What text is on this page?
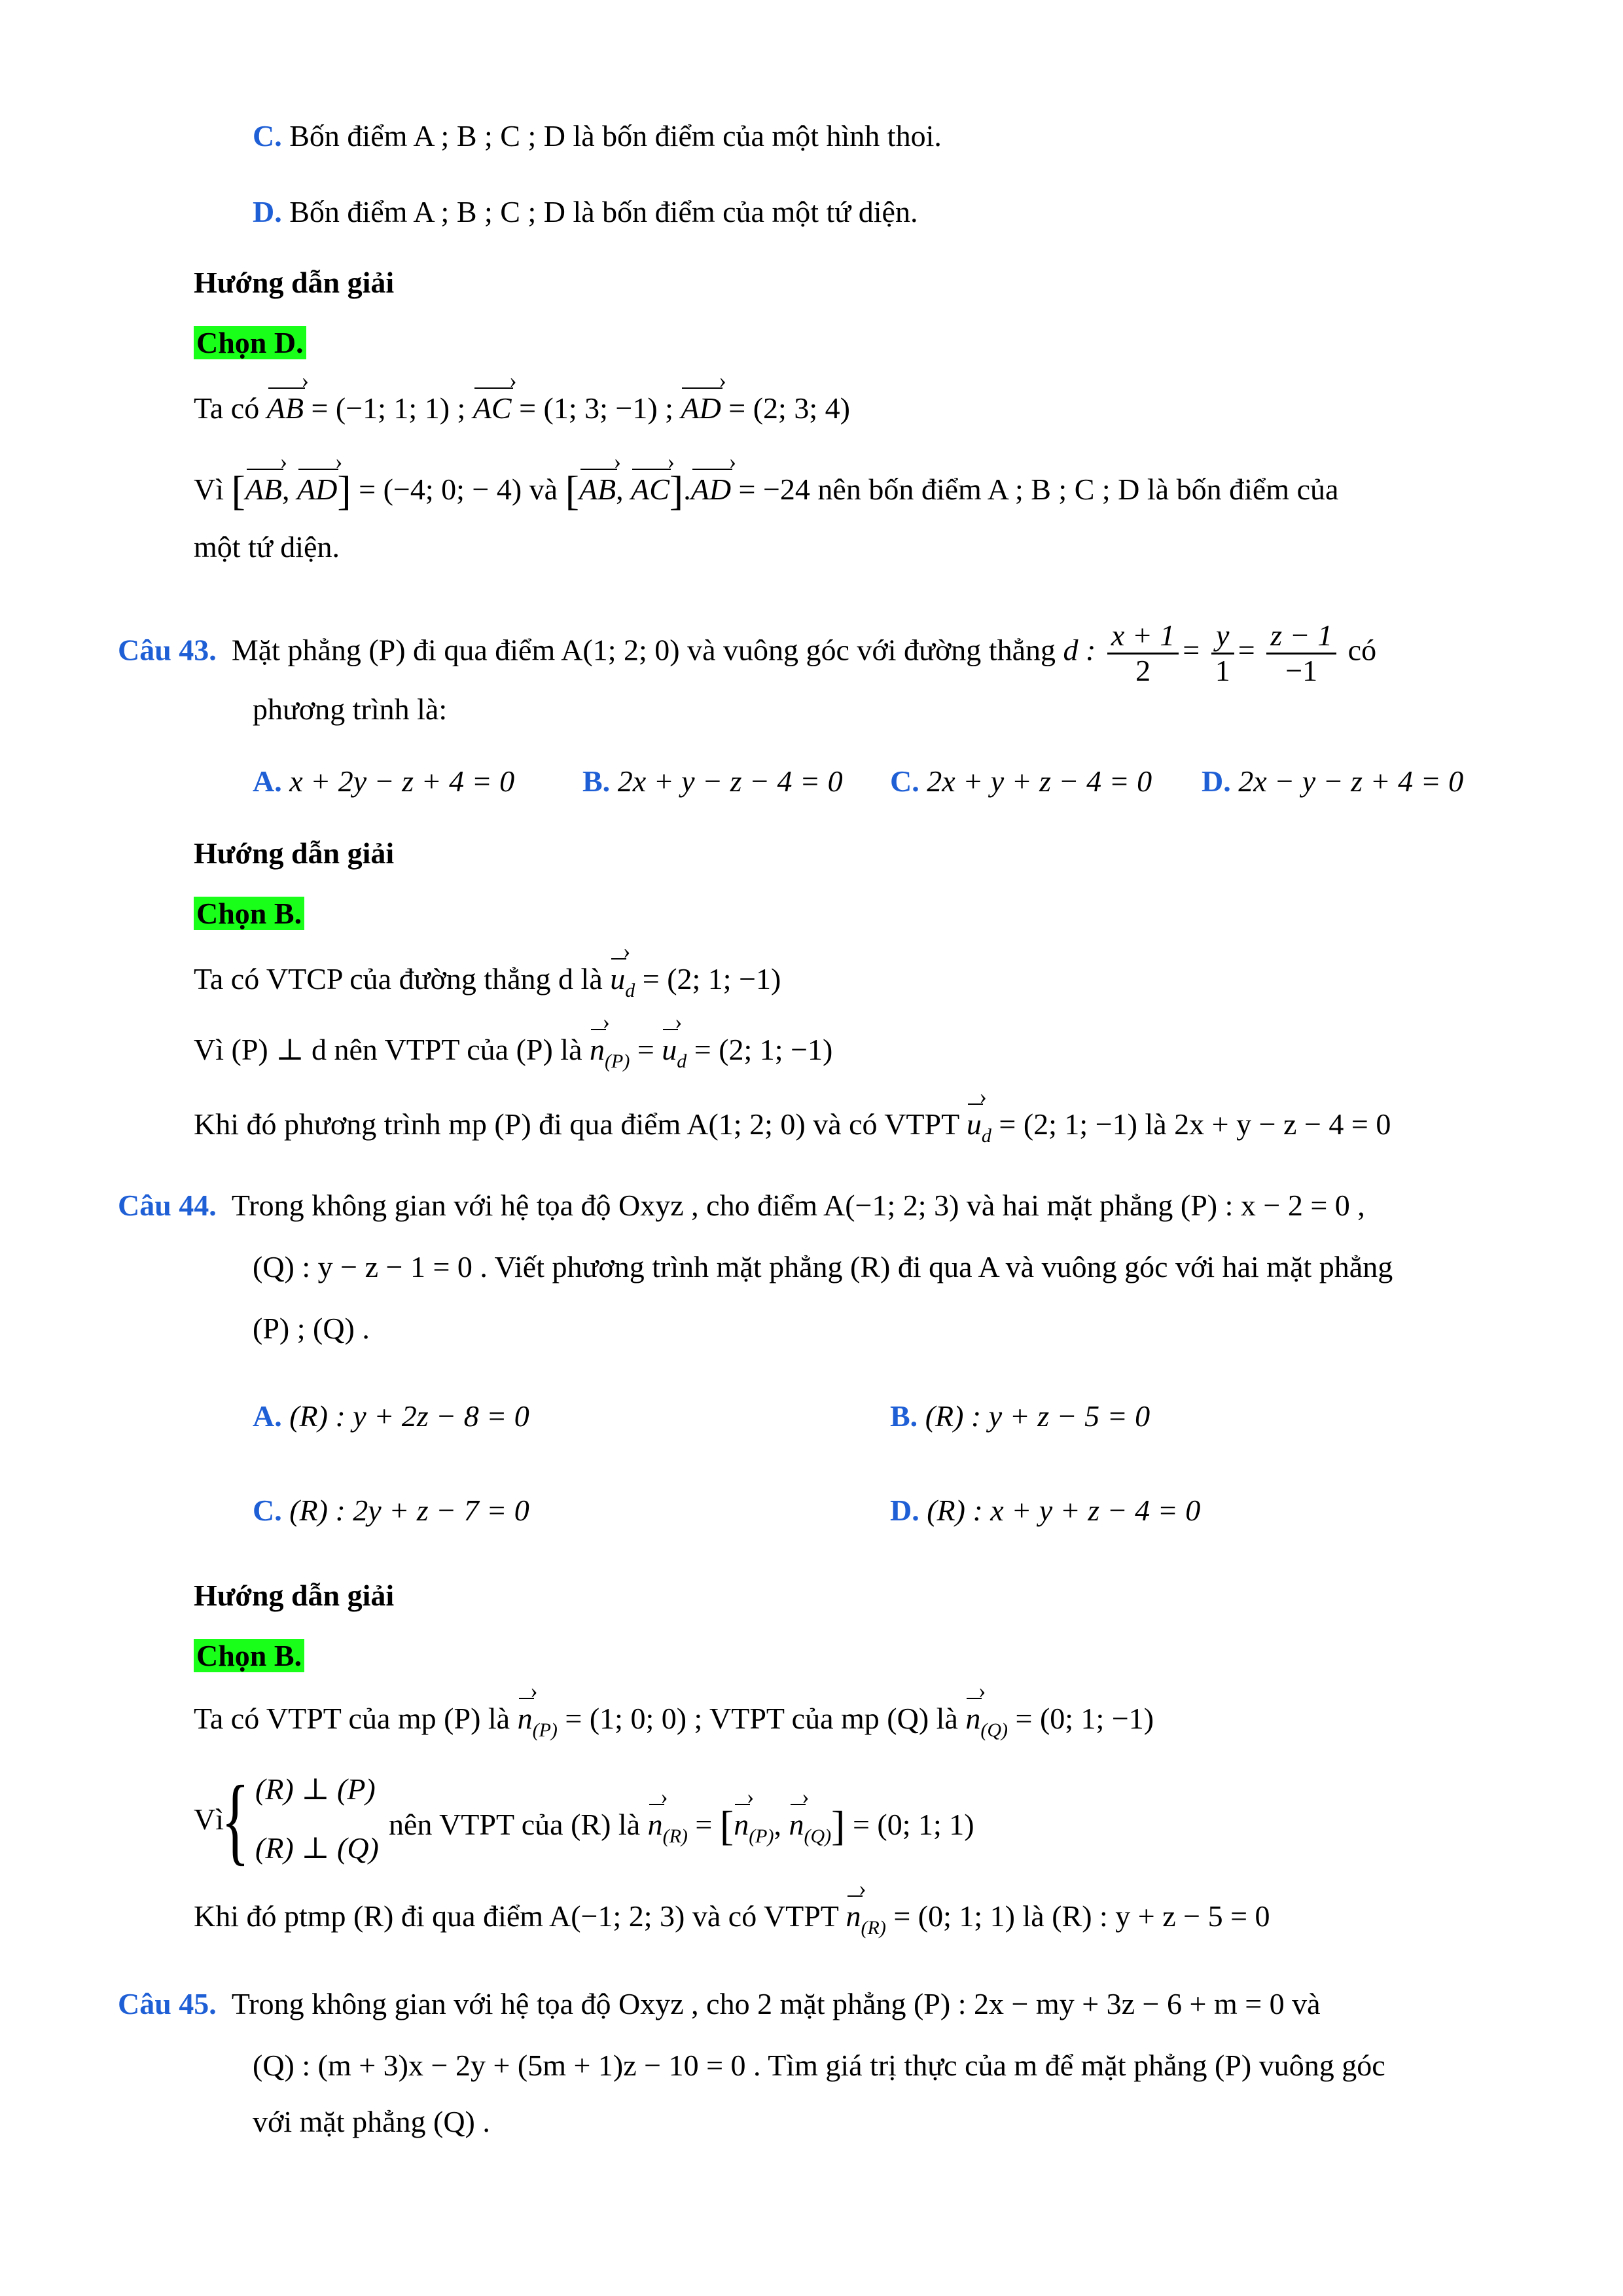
C. Bốn điểm A ; B ; C ; D là bốn điểm của một hình thoi.
D. Bốn điểm A ; B ; C ; D là bốn điểm của một tứ diện.
Hướng dẫn giải
Chọn D.
Ta có AB › = (−1; 1; 1) ; AC › = (1; 3; −1) ; AD › = (2; 3; 4)
Vì [AB ›, AD ›] = (−4; 0; − 4) và [AB ›, AC ›].AD › = −24 nên bốn điểm A ; B ; C ; D là bốn điểm của
một tứ diện.
Câu 43. Mặt phẳng (P) đi qua điểm A(1; 2; 0) và vuông góc với đường thẳng d : $\frac{x + 1}{2} = \frac{y}{1} = \frac{z - 1}{-1}$ có
phương trình là:
A. x + 2y − z + 4 = 0 B. 2x + y − z − 4 = 0 C. 2x + y + z − 4 = 0 D. 2x − y − z + 4 = 0
Hướng dẫn giải
Chọn B.
Ta có VTCP của đường thẳng d là u $›_d = (2$; 1; −1)
Vì (P) ⊥ d nên VTPT của (P) là n $›_{(P)} = u$ $›_d = (2$; 1; −1)
Khi đó phương trình mp (P) đi qua điểm A(1; 2; 0) và có VTPT u $›_d = (2$; 1; −1) là 2x + y − z − 4 = 0
Câu 44. Trong không gian với hệ tọa độ Oxyz , cho điểm A(−1; 2; 3) và hai mặt phẳng (P) : x − 2 = 0 ,
(Q) : y − z − 1 = 0 . Viết phương trình mặt phẳng (R) đi qua A và vuông góc với hai mặt phẳng
(P) ; (Q) .
A. (R) : y + 2z − 8 = 0	B. (R) : y + z − 5 = 0
C. (R) : 2y + z − 7 = 0	D. (R) : x + y + z − 4 = 0
Hướng dẫn giải
Chọn B.
Ta có VTPT của mp (P) là n $›_{(P)} = (1$; 0; 0) ; VTPT của mp (Q) là n $›_{(Q)} = (0$; 1; −1)
Vì
{ (R) ⊥ (P)
(R) ⊥ (Q)
nên VTPT của (R) là n $›_{(R)} = [n$ $›_{(P)}$, n $›_{(Q)}] = (0$; 1; 1)
Khi đó ptmp (R) đi qua điểm A(−1; 2; 3) và có VTPT n $›_{(R)} = (0$; 1; 1) là (R) : y + z − 5 = 0
Câu 45. Trong không gian với hệ tọa độ Oxyz , cho 2 mặt phẳng (P) : 2x − my + 3z − 6 + m = 0 và
(Q) : (m + 3)x − 2y + (5m + 1)z − 10 = 0 . Tìm giá trị thực của m để mặt phẳng (P) vuông góc
với mặt phẳng (Q) .
